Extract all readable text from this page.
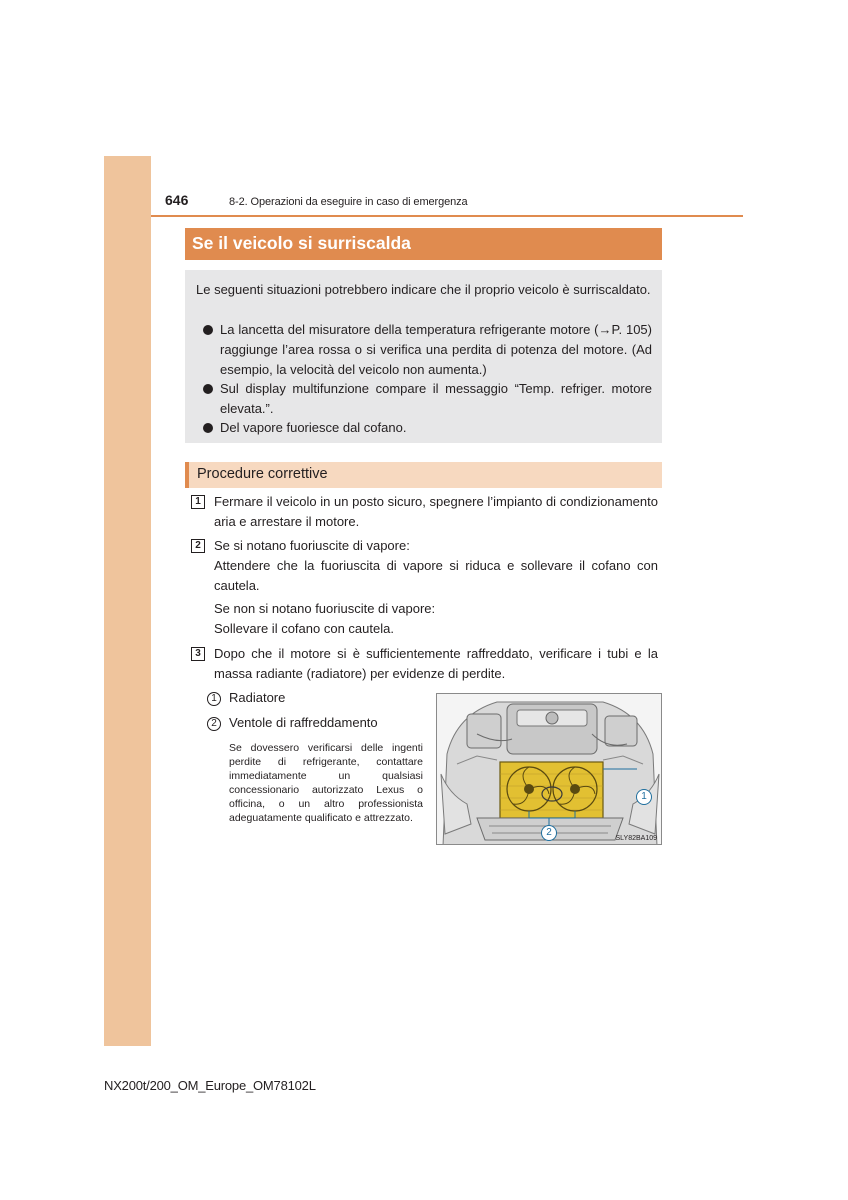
646	8-2. Operazioni da eseguire in caso di emergenza
Se il veicolo si surriscalda
Le seguenti situazioni potrebbero indicare che il proprio veicolo è surriscaldato.
La lancetta del misuratore della temperatura refrigerante motore (→P. 105) raggiunge l’area rossa o si verifica una perdita di potenza del motore. (Ad esempio, la velocità del veicolo non aumenta.)
Sul display multifunzione compare il messaggio “Temp. refriger. motore elevata.”.
Del vapore fuoriesce dal cofano.
Procedure correttive
1	Fermare il veicolo in un posto sicuro, spegnere l’impianto di condizionamento aria e arrestare il motore.
2	Se si notano fuoriuscite di vapore:
Attendere che la fuoriuscita di vapore si riduca e sollevare il cofano con cautela.
Se non si notano fuoriuscite di vapore:
Sollevare il cofano con cautela.
3	Dopo che il motore si è sufficientemente raffreddato, verificare i tubi e la massa radiante (radiatore) per evidenze di perdite.
1 Radiatore
2 Ventole di raffreddamento
Se dovessero verificarsi delle ingenti perdite di refrigerante, contattare immediatamente un qualsiasi concessionario autorizzato Lexus o officina, o un altro professionista adeguatamente qualificato e attrezzato.
1
2
SLY82BA109
NX200t/200_OM_Europe_OM78102L
